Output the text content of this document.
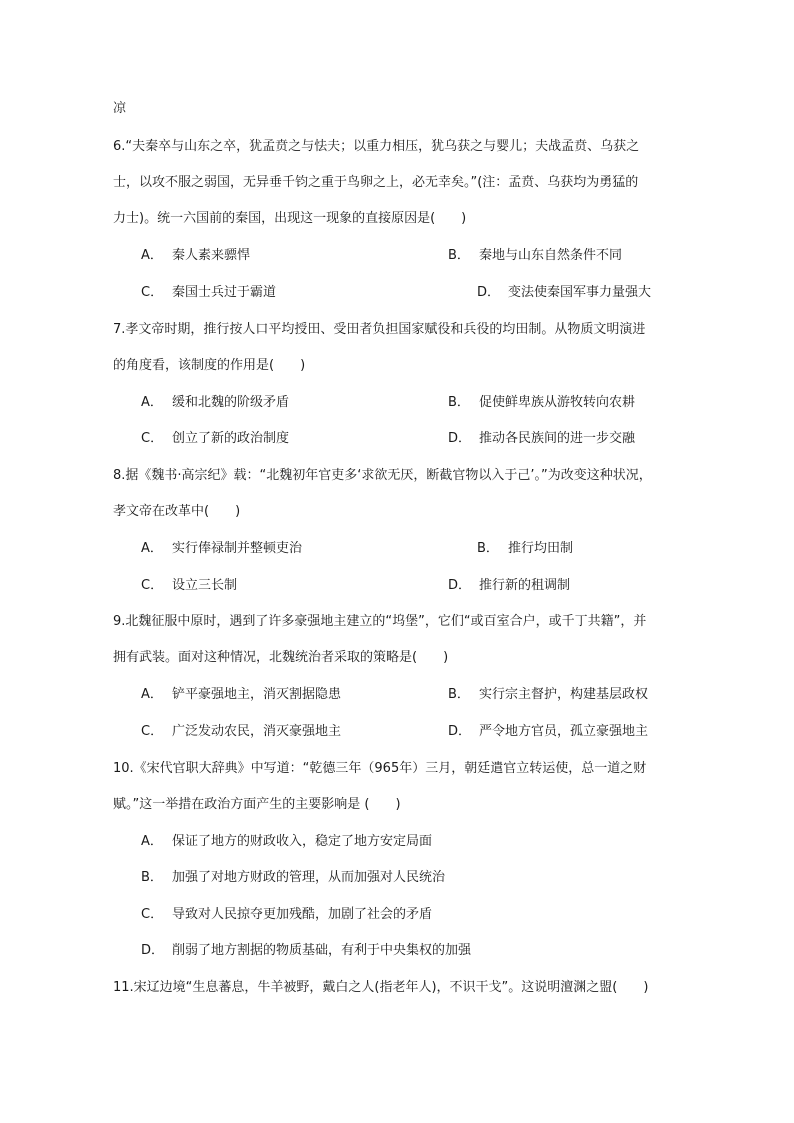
凉
6.“夫秦卒与山东之卒，犹孟贲之与怯夫；以重力相压，犹乌获之与婴儿；夫战孟贲、乌获之
士，以攻不服之弱国，无异垂千钧之重于鸟卵之上，必无幸矣。”(注：孟贲、乌获均为勇猛的
力士)。统一六国前的秦国，出现这一现象的直接原因是(　　)
A． 秦人素来骠悍	B． 秦地与山东自然条件不同
C． 秦国士兵过于霸道	D． 变法使秦国军事力量强大
7.孝文帝时期，推行按人口平均授田、受田者负担国家赋役和兵役的均田制。从物质文明演进
的角度看，该制度的作用是(　　)
A． 缓和北魏的阶级矛盾	B． 促使鲜卑族从游牧转向农耕
C． 创立了新的政治制度	D． 推动各民族间的进一步交融
8.据《魏书·高宗纪》载：“北魏初年官吏多‘求欲无厌，断截官物以入于己’。”为改变这种状况，
孝文帝在改革中(　　)
A． 实行俸禄制并整顿吏治	B． 推行均田制
C． 设立三长制	D． 推行新的租调制
9.北魏征服中原时，遇到了许多豪强地主建立的“坞堡”，它们“或百室合户，或千丁共籍”，并
拥有武装。面对这种情况，北魏统治者采取的策略是(　　)
A． 铲平豪强地主，消灭割据隐患	B． 实行宗主督护，构建基层政权
C． 广泛发动农民，消灭豪强地主	D． 严令地方官员，孤立豪强地主
10.《宋代官职大辞典》中写道：“乾德三年（965年）三月，朝廷遣官立转运使，总一道之财
赋。”这一举措在政治方面产生的主要影响是 (　　)
A． 保证了地方的财政收入，稳定了地方安定局面
B． 加强了对地方财政的管理，从而加强对人民统治
C． 导致对人民掠夺更加残酷，加剧了社会的矛盾
D． 削弱了地方割据的物质基础，有利于中央集权的加强
11.宋辽边境“生息蕃息，牛羊被野，戴白之人(指老年人)，不识干戈”。这说明澶渊之盟(　　)
